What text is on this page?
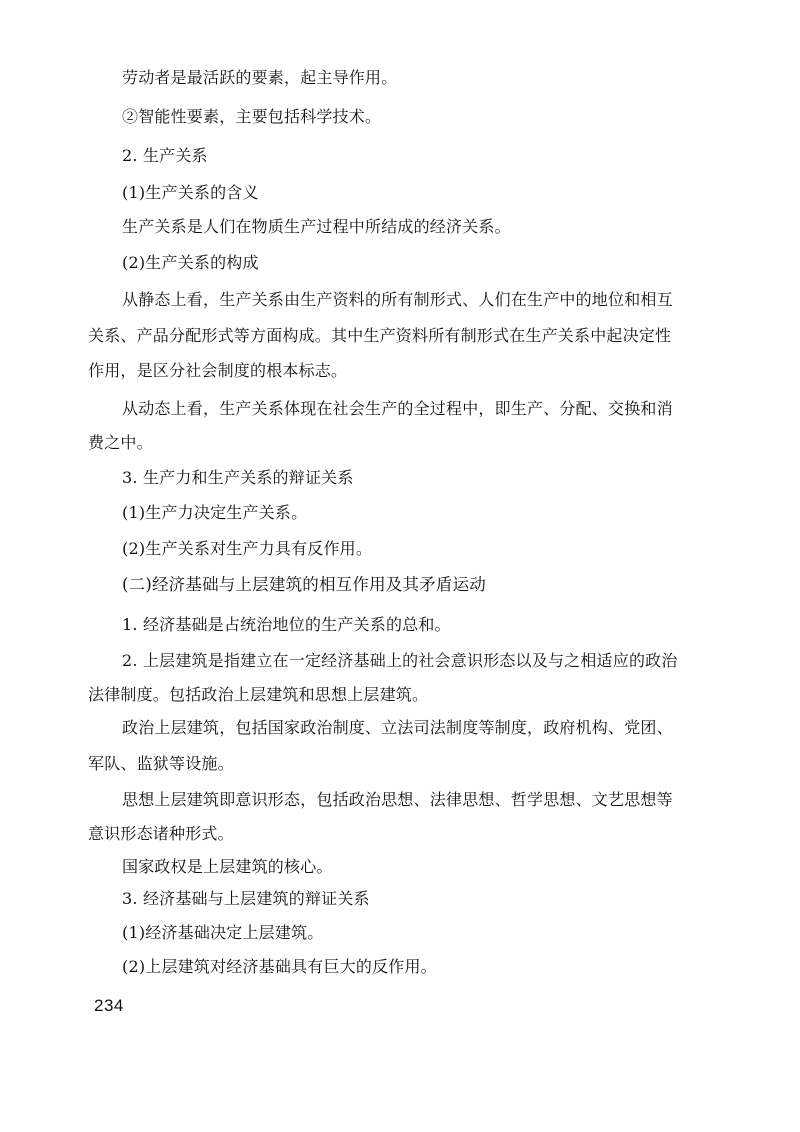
劳动者是最活跃的要素，起主导作用。
②智能性要素，主要包括科学技术。
2. 生产关系
(1)生产关系的含义
生产关系是人们在物质生产过程中所结成的经济关系。
(2)生产关系的构成
从静态上看，生产关系由生产资料的所有制形式、人们在生产中的地位和相互
关系、产品分配形式等方面构成。其中生产资料所有制形式在生产关系中起决定性
作用，是区分社会制度的根本标志。
从动态上看，生产关系体现在社会生产的全过程中，即生产、分配、交换和消
费之中。
3. 生产力和生产关系的辩证关系
(1)生产力决定生产关系。
(2)生产关系对生产力具有反作用。
(二)经济基础与上层建筑的相互作用及其矛盾运动
1. 经济基础是占统治地位的生产关系的总和。
2. 上层建筑是指建立在一定经济基础上的社会意识形态以及与之相适应的政治
法律制度。包括政治上层建筑和思想上层建筑。
政治上层建筑，包括国家政治制度、立法司法制度等制度，政府机构、党团、
军队、监狱等设施。
思想上层建筑即意识形态，包括政治思想、法律思想、哲学思想、文艺思想等
意识形态诸种形式。
国家政权是上层建筑的核心。
3. 经济基础与上层建筑的辩证关系
(1)经济基础决定上层建筑。
(2)上层建筑对经济基础具有巨大的反作用。
234
